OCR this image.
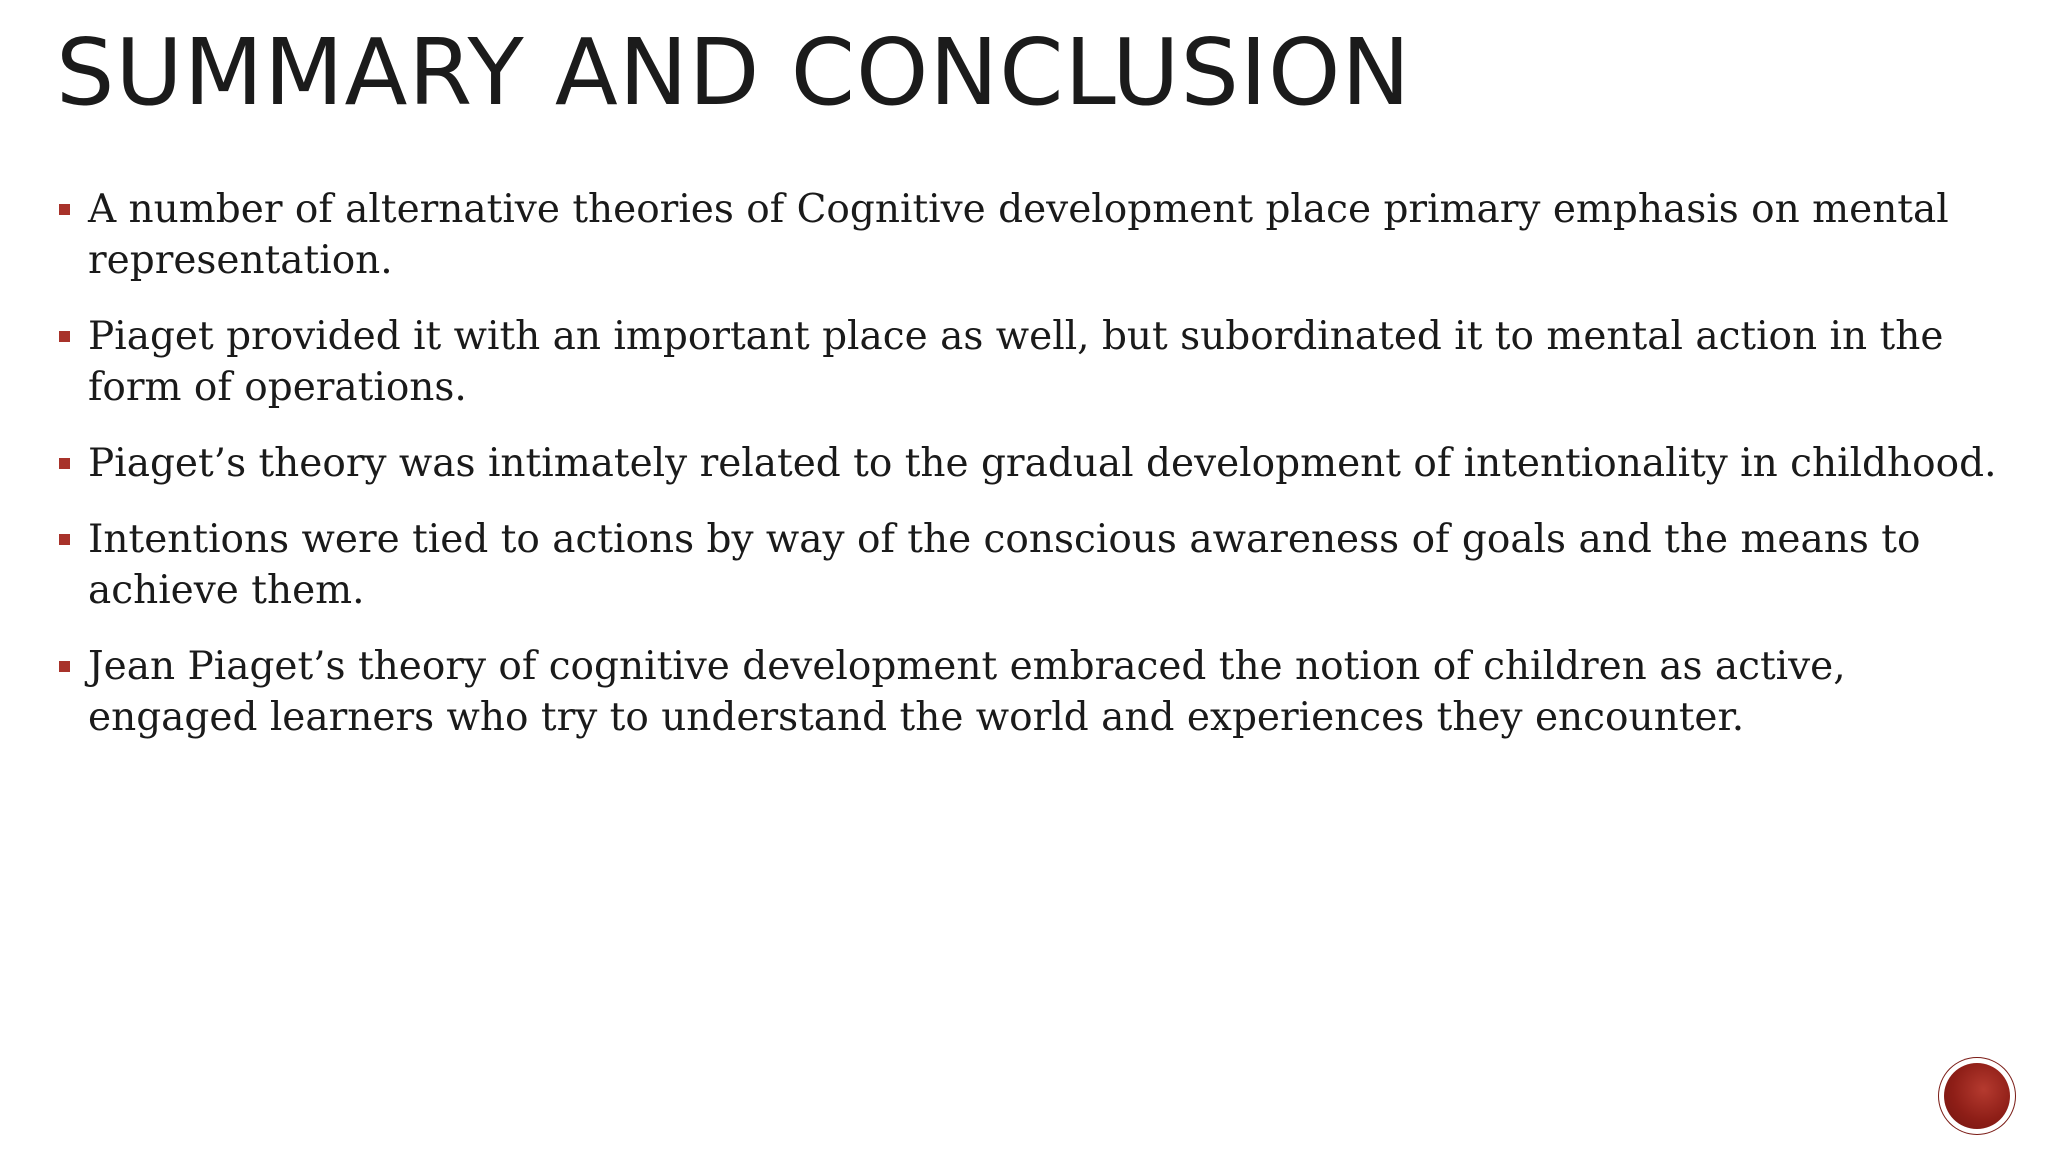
SUMMARY AND CONCLUSION
A number of alternative theories of Cognitive development place primary emphasis on mental representation.
Piaget provided it with an important place as well, but subordinated it to mental action in the form of operations.
Piaget’s theory was intimately related to the gradual development of intentionality in childhood.
Intentions were tied to actions by way of the conscious awareness of goals and the means to achieve them.
Jean Piaget’s theory of cognitive development embraced the notion of children as active, engaged learners who try to understand the world and experiences they encounter.
